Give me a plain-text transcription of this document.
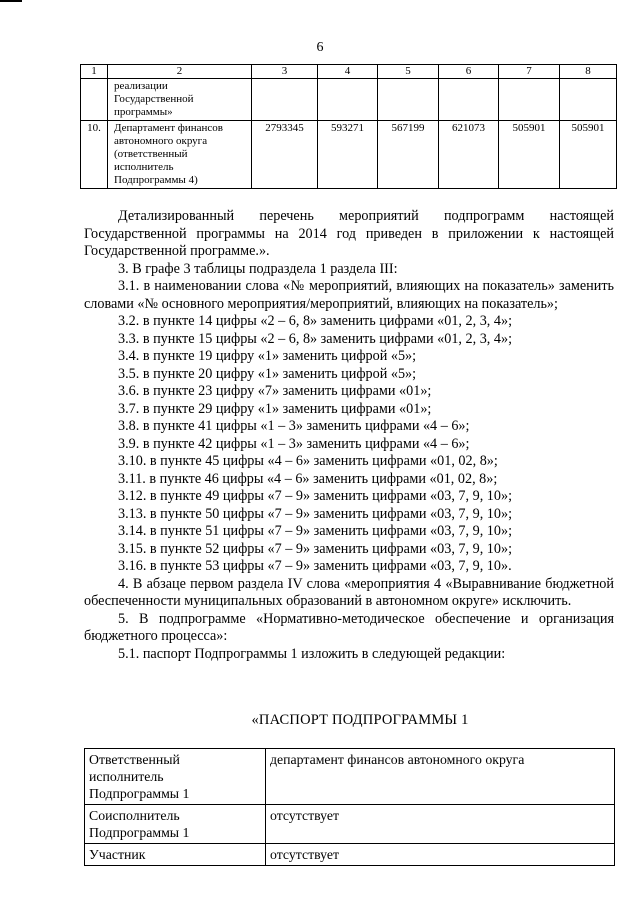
6
1	2	3	4	5	6	7	8

	реализации
Государственной
программы»						

10.	Департамент финансов
автономного округа
(ответственный
исполнитель
Подпрограммы 4)	2793345	593271	567199	621073	505901	505901

Детализированный перечень мероприятий подпрограмм настоящей Государственной программы на 2014 год приведен в приложении к настоящей Государственной программе.».

3. В графе 3 таблицы подраздела 1 раздела III:

3.1. в наименовании слова «№ мероприятий, влияющих на показатель» заменить словами «№ основного мероприятия/мероприятий, влияющих на показатель»;

3.2. в пункте 14 цифры «2 – 6, 8» заменить цифрами «01, 2, 3, 4»;

3.3. в пункте 15 цифры «2 – 6, 8» заменить цифрами «01, 2, 3, 4»;

3.4. в пункте 19 цифру «1» заменить цифрой «5»;

3.5. в пункте 20 цифру «1» заменить цифрой «5»;

3.6. в пункте 23 цифру «7» заменить цифрами «01»;

3.7. в пункте 29 цифру «1» заменить цифрами «01»;

3.8. в пункте 41 цифры «1 – 3» заменить цифрами «4 – 6»;

3.9. в пункте 42 цифры «1 – 3» заменить цифрами «4 – 6»;

3.10. в пункте 45 цифры «4 – 6» заменить цифрами «01, 02, 8»;

3.11. в пункте 46 цифры «4 – 6» заменить цифрами «01, 02, 8»;

3.12. в пункте 49 цифры «7 – 9» заменить цифрами «03, 7, 9, 10»;

3.13. в пункте 50 цифры «7 – 9» заменить цифрами «03, 7, 9, 10»;

3.14. в пункте 51 цифры «7 – 9» заменить цифрами «03, 7, 9, 10»;

3.15. в пункте 52 цифры «7 – 9» заменить цифрами «03, 7, 9, 10»;

3.16. в пункте 53 цифры «7 – 9» заменить цифрами «03, 7, 9, 10».

4. В абзаце первом раздела IV слова «мероприятия 4 «Выравнивание бюджетной обеспеченности муниципальных образований в автономном округе» исключить.

5. В подпрограмме «Нормативно-методическое обеспечение и организация бюджетного процесса»:

5.1. паспорт Подпрограммы 1 изложить в следующей редакции:

«ПАСПОРТ ПОДПРОГРАММЫ 1
Ответственный
исполнитель
Подпрограммы 1	департамент финансов автономного округа

Соисполнитель
Подпрограммы 1	отсутствует

Участник	отсутствует
